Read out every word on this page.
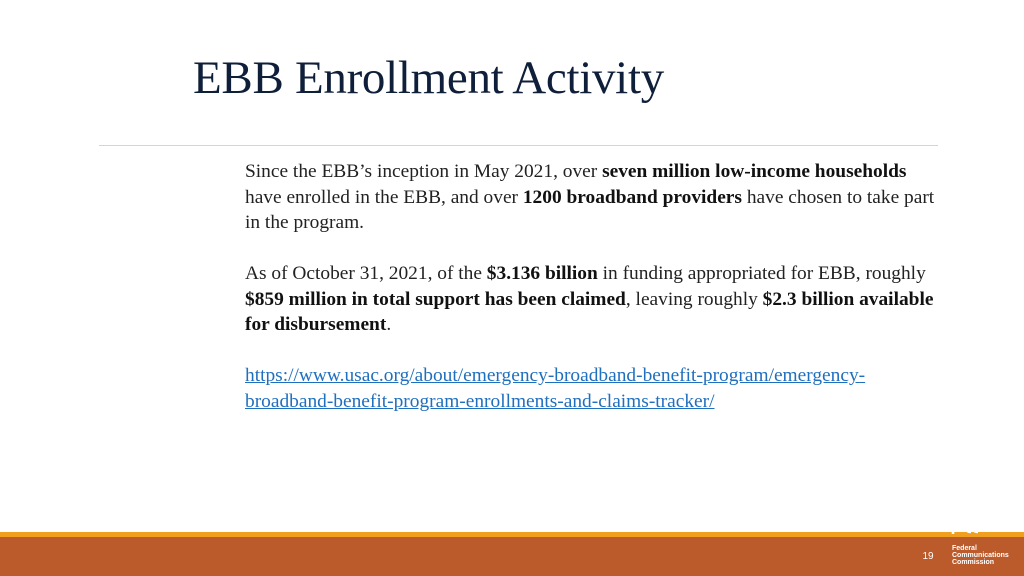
EBB Enrollment Activity

Since the EBB’s inception in May 2021, over seven million low-income households have enrolled in the EBB, and over 1200 broadband providers have chosen to take part in the program.

As of October 31, 2021, of the $3.136 billion in funding appropriated for EBB, roughly $859 million in total support has been claimed, leaving roughly $2.3 billion available for disbursement.

https://www.usac.org/about/emergency-broadband-benefit-program/emergency-broadband-benefit-program-enrollments-and-claims-tracker/

19
Federal
Communications
Commission
